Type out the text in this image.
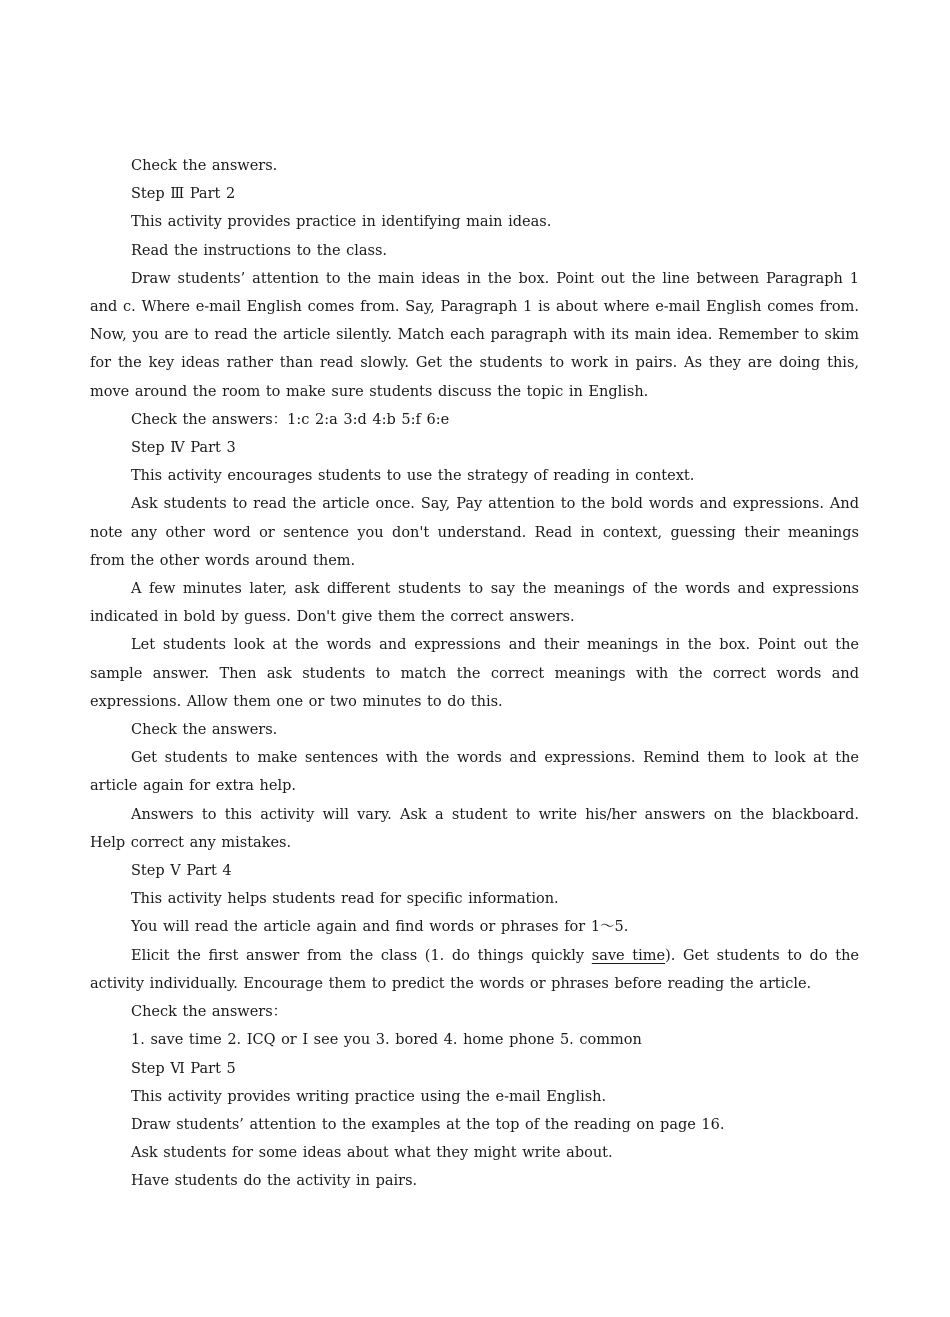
Check the answers.

Step Ⅲ Part 2

This activity provides practice in identifying main ideas.

Read the instructions to the class.

Draw students’ attention to the main ideas in the box. Point out the line between Paragraph 1 and c. Where e-mail English comes from. Say, Paragraph 1 is about where e-mail English comes from. Now, you are to read the article silently. Match each paragraph with its main idea. Remember to skim for the key ideas rather than read slowly. Get the students to work in pairs. As they are doing this, move around the room to make sure students discuss the topic in English.

Check the answers：1:c 2:a 3:d 4:b 5:f 6:e

Step Ⅳ Part 3

This activity encourages students to use the strategy of reading in context.

Ask students to read the article once. Say, Pay attention to the bold words and expressions. And note any other word or sentence you don't understand. Read in context, guessing their meanings from the other words around them.

A few minutes later, ask different students to say the meanings of the words and expressions indicated in bold by guess. Don't give them the correct answers.

Let students look at the words and expressions and their meanings in the box. Point out the sample answer. Then ask students to match the correct meanings with the correct words and expressions. Allow them one or two minutes to do this.

Check the answers.

Get students to make sentences with the words and expressions. Remind them to look at the article again for extra help.

Answers to this activity will vary. Ask a student to write his/her answers on the blackboard. Help correct any mistakes.

Step Ⅴ Part 4

This activity helps students read for specific information.

You will read the article again and find words or phrases for 1～5.

Elicit the first answer from the class (1. do things quickly save time). Get students to do the activity individually. Encourage them to predict the words or phrases before reading the article.

Check the answers：

1. save time 2. ICQ or I see you 3. bored 4. home phone 5. common

Step Ⅵ Part 5

This activity provides writing practice using the e-mail English.

Draw students’ attention to the examples at the top of the reading on page 16.

Ask students for some ideas about what they might write about.

Have students do the activity in pairs.
